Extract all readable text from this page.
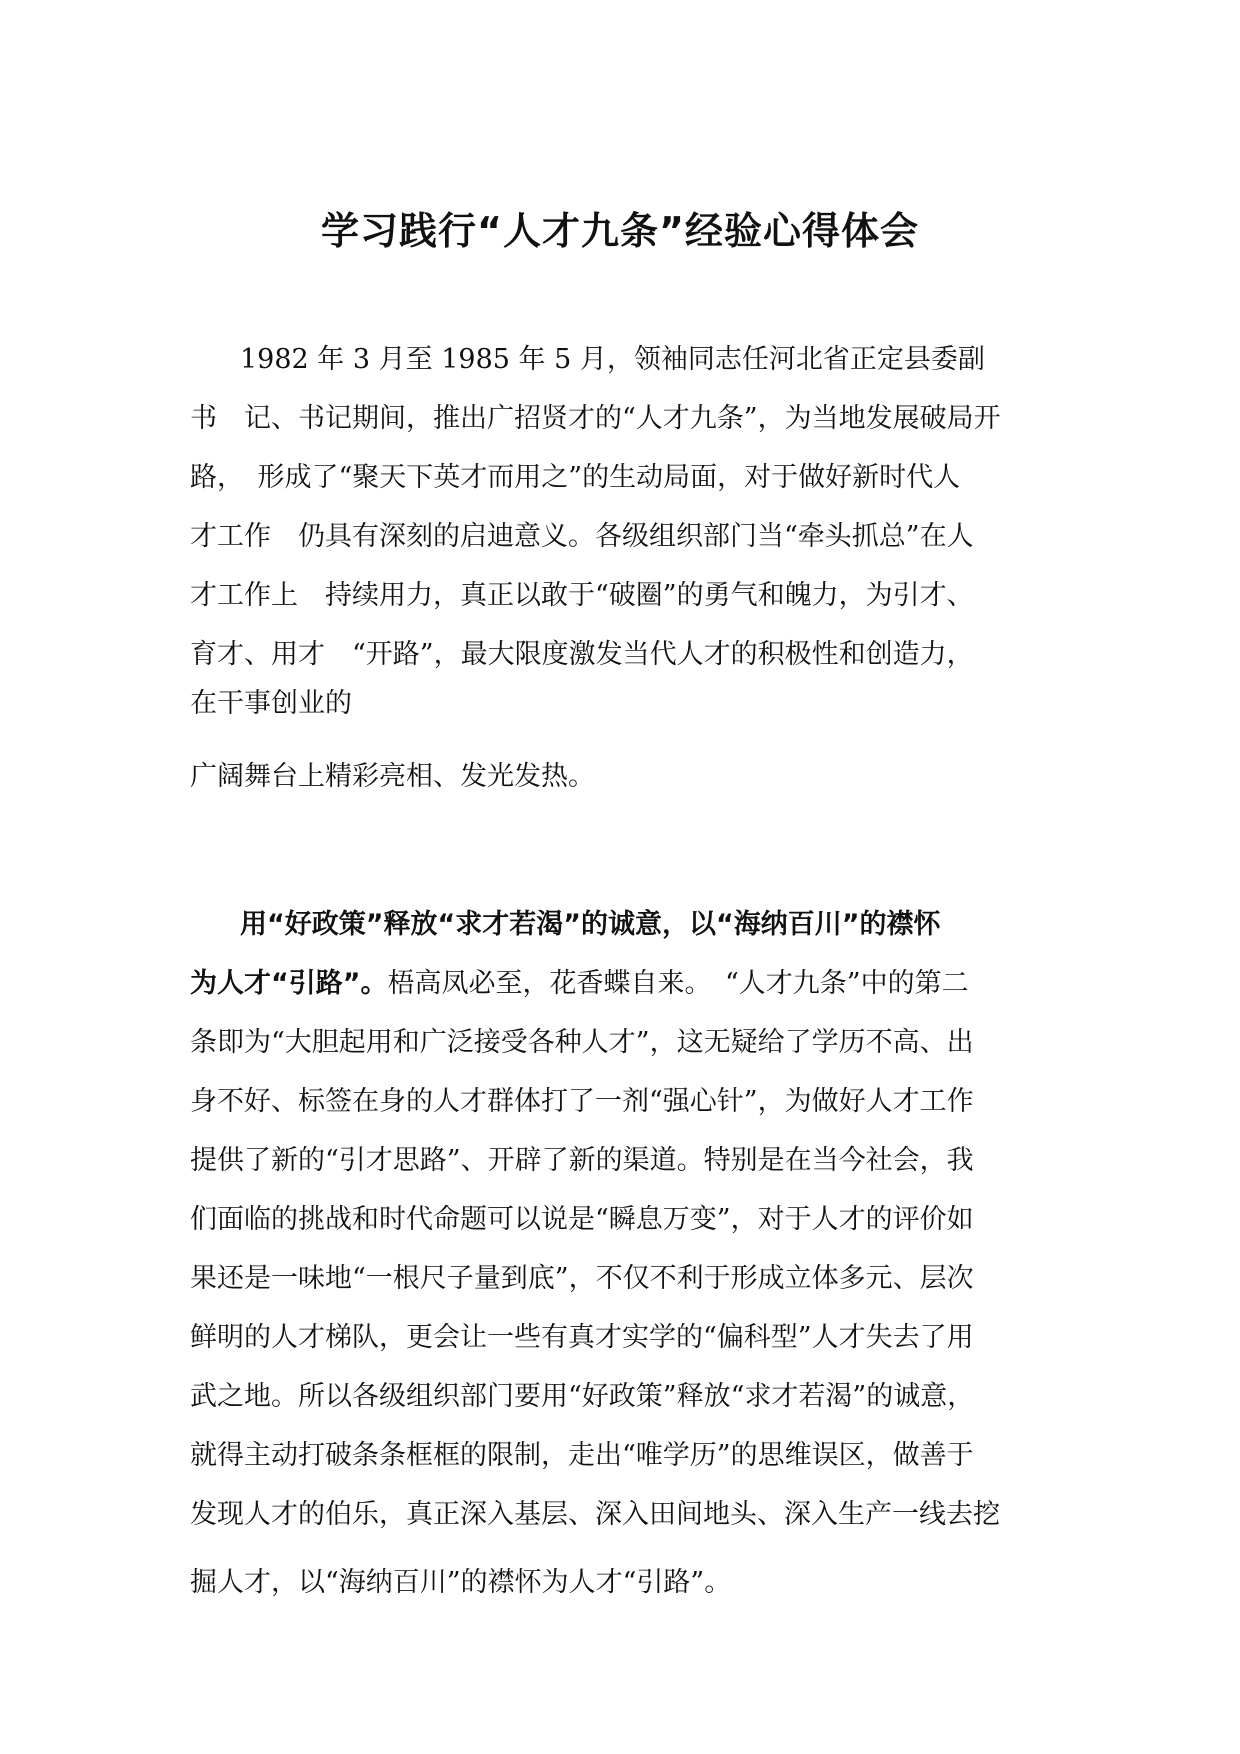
学习践行“人才九条”经验心得体会

1982 年 3 月至 1985 年 5 月，领袖同志任河北省正定县委副

书　记、书记期间，推出广招贤才的“人才九条”，为当地发展破局开

路，　形成了“聚天下英才而用之”的生动局面，对于做好新时代人

才工作　仍具有深刻的启迪意义。各级组织部门当“牵头抓总”在人

才工作上　持续用力，真正以敢于“破圈”的勇气和魄力，为引才、

育才、用才　“开路”，最大限度激发当代人才的积极性和创造力，

在干事创业的

广阔舞台上精彩亮相、发光发热。

用“好政策”释放“求才若渴”的诚意，以“海纳百川”的襟怀

为人才“引路”。梧高凤必至，花香蝶自来。　“人才九条”中的第二

条即为“大胆起用和广泛接受各种人才”，这无疑给了学历不高、出

身不好、标签在身的人才群体打了一剂“强心针”，为做好人才工作

提供了新的“引才思路”、开辟了新的渠道。特别是在当今社会，我

们面临的挑战和时代命题可以说是“瞬息万变”，对于人才的评价如

果还是一味地“一根尺子量到底”，不仅不利于形成立体多元、层次

鲜明的人才梯队，更会让一些有真才实学的“偏科型”人才失去了用

武之地。所以各级组织部门要用“好政策”释放“求才若渴”的诚意，

就得主动打破条条框框的限制，走出“唯学历”的思维误区，做善于

发现人才的伯乐，真正深入基层、深入田间地头、深入生产一线去挖

掘人才，以“海纳百川”的襟怀为人才“引路”。
